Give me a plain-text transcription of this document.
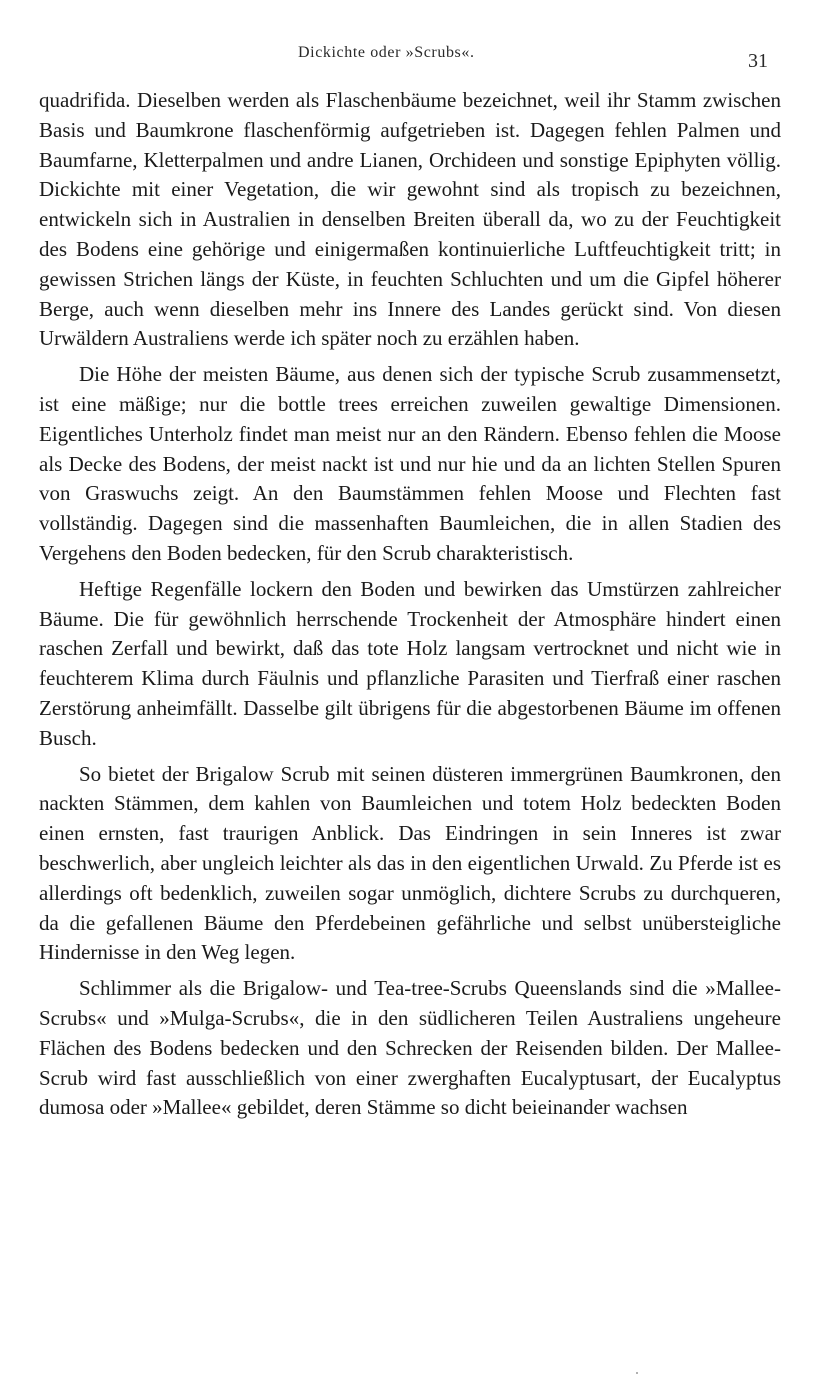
Dickichte oder »Scrubs«.	31

quadrifida. Dieselben werden als Flaschenbäume bezeichnet, weil ihr Stamm zwischen Basis und Baumkrone flaschenförmig aufgetrieben ist. Dagegen fehlen Palmen und Baumfarne, Kletterpalmen und andre Lianen, Orchideen und sonstige Epiphyten völlig. Dickichte mit einer Vegetation, die wir gewohnt sind als tropisch zu bezeichnen, entwickeln sich in Australien in denselben Breiten überall da, wo zu der Feuchtigkeit des Bodens eine gehörige und einigermaßen kontinuierliche Luftfeuchtigkeit tritt; in gewissen Strichen längs der Küste, in feuchten Schluchten und um die Gipfel höherer Berge, auch wenn dieselben mehr ins Innere des Landes gerückt sind. Von diesen Urwäldern Australiens werde ich später noch zu erzählen haben.

Die Höhe der meisten Bäume, aus denen sich der typische Scrub zusammensetzt, ist eine mäßige; nur die bottle trees erreichen zuweilen gewaltige Dimensionen. Eigentliches Unterholz findet man meist nur an den Rändern. Ebenso fehlen die Moose als Decke des Bodens, der meist nackt ist und nur hie und da an lichten Stellen Spuren von Graswuchs zeigt. An den Baumstämmen fehlen Moose und Flechten fast vollständig. Dagegen sind die massenhaften Baumleichen, die in allen Stadien des Vergehens den Boden bedecken, für den Scrub charakteristisch.

Heftige Regenfälle lockern den Boden und bewirken das Umstürzen zahlreicher Bäume. Die für gewöhnlich herrschende Trockenheit der Atmosphäre hindert einen raschen Zerfall und bewirkt, daß das tote Holz langsam vertrocknet und nicht wie in feuchterem Klima durch Fäulnis und pflanzliche Parasiten und Tierfraß einer raschen Zerstörung anheimfällt. Dasselbe gilt übrigens für die abgestorbenen Bäume im offenen Busch.

So bietet der Brigalow Scrub mit seinen düsteren immergrünen Baumkronen, den nackten Stämmen, dem kahlen von Baumleichen und totem Holz bedeckten Boden einen ernsten, fast traurigen Anblick. Das Eindringen in sein Inneres ist zwar beschwerlich, aber ungleich leichter als das in den eigentlichen Urwald. Zu Pferde ist es allerdings oft bedenklich, zuweilen sogar unmöglich, dichtere Scrubs zu durchqueren, da die gefallenen Bäume den Pferdebeinen gefährliche und selbst unübersteigliche Hindernisse in den Weg legen.

Schlimmer als die Brigalow- und Tea-tree-Scrubs Queenslands sind die »Mallee-Scrubs« und »Mulga-Scrubs«, die in den südlicheren Teilen Australiens ungeheure Flächen des Bodens bedecken und den Schrecken der Reisenden bilden. Der Mallee-Scrub wird fast ausschließlich von einer zwerghaften Eucalyptusart, der Eucalyptus dumosa oder »Mallee« gebildet, deren Stämme so dicht beieinander wachsen
